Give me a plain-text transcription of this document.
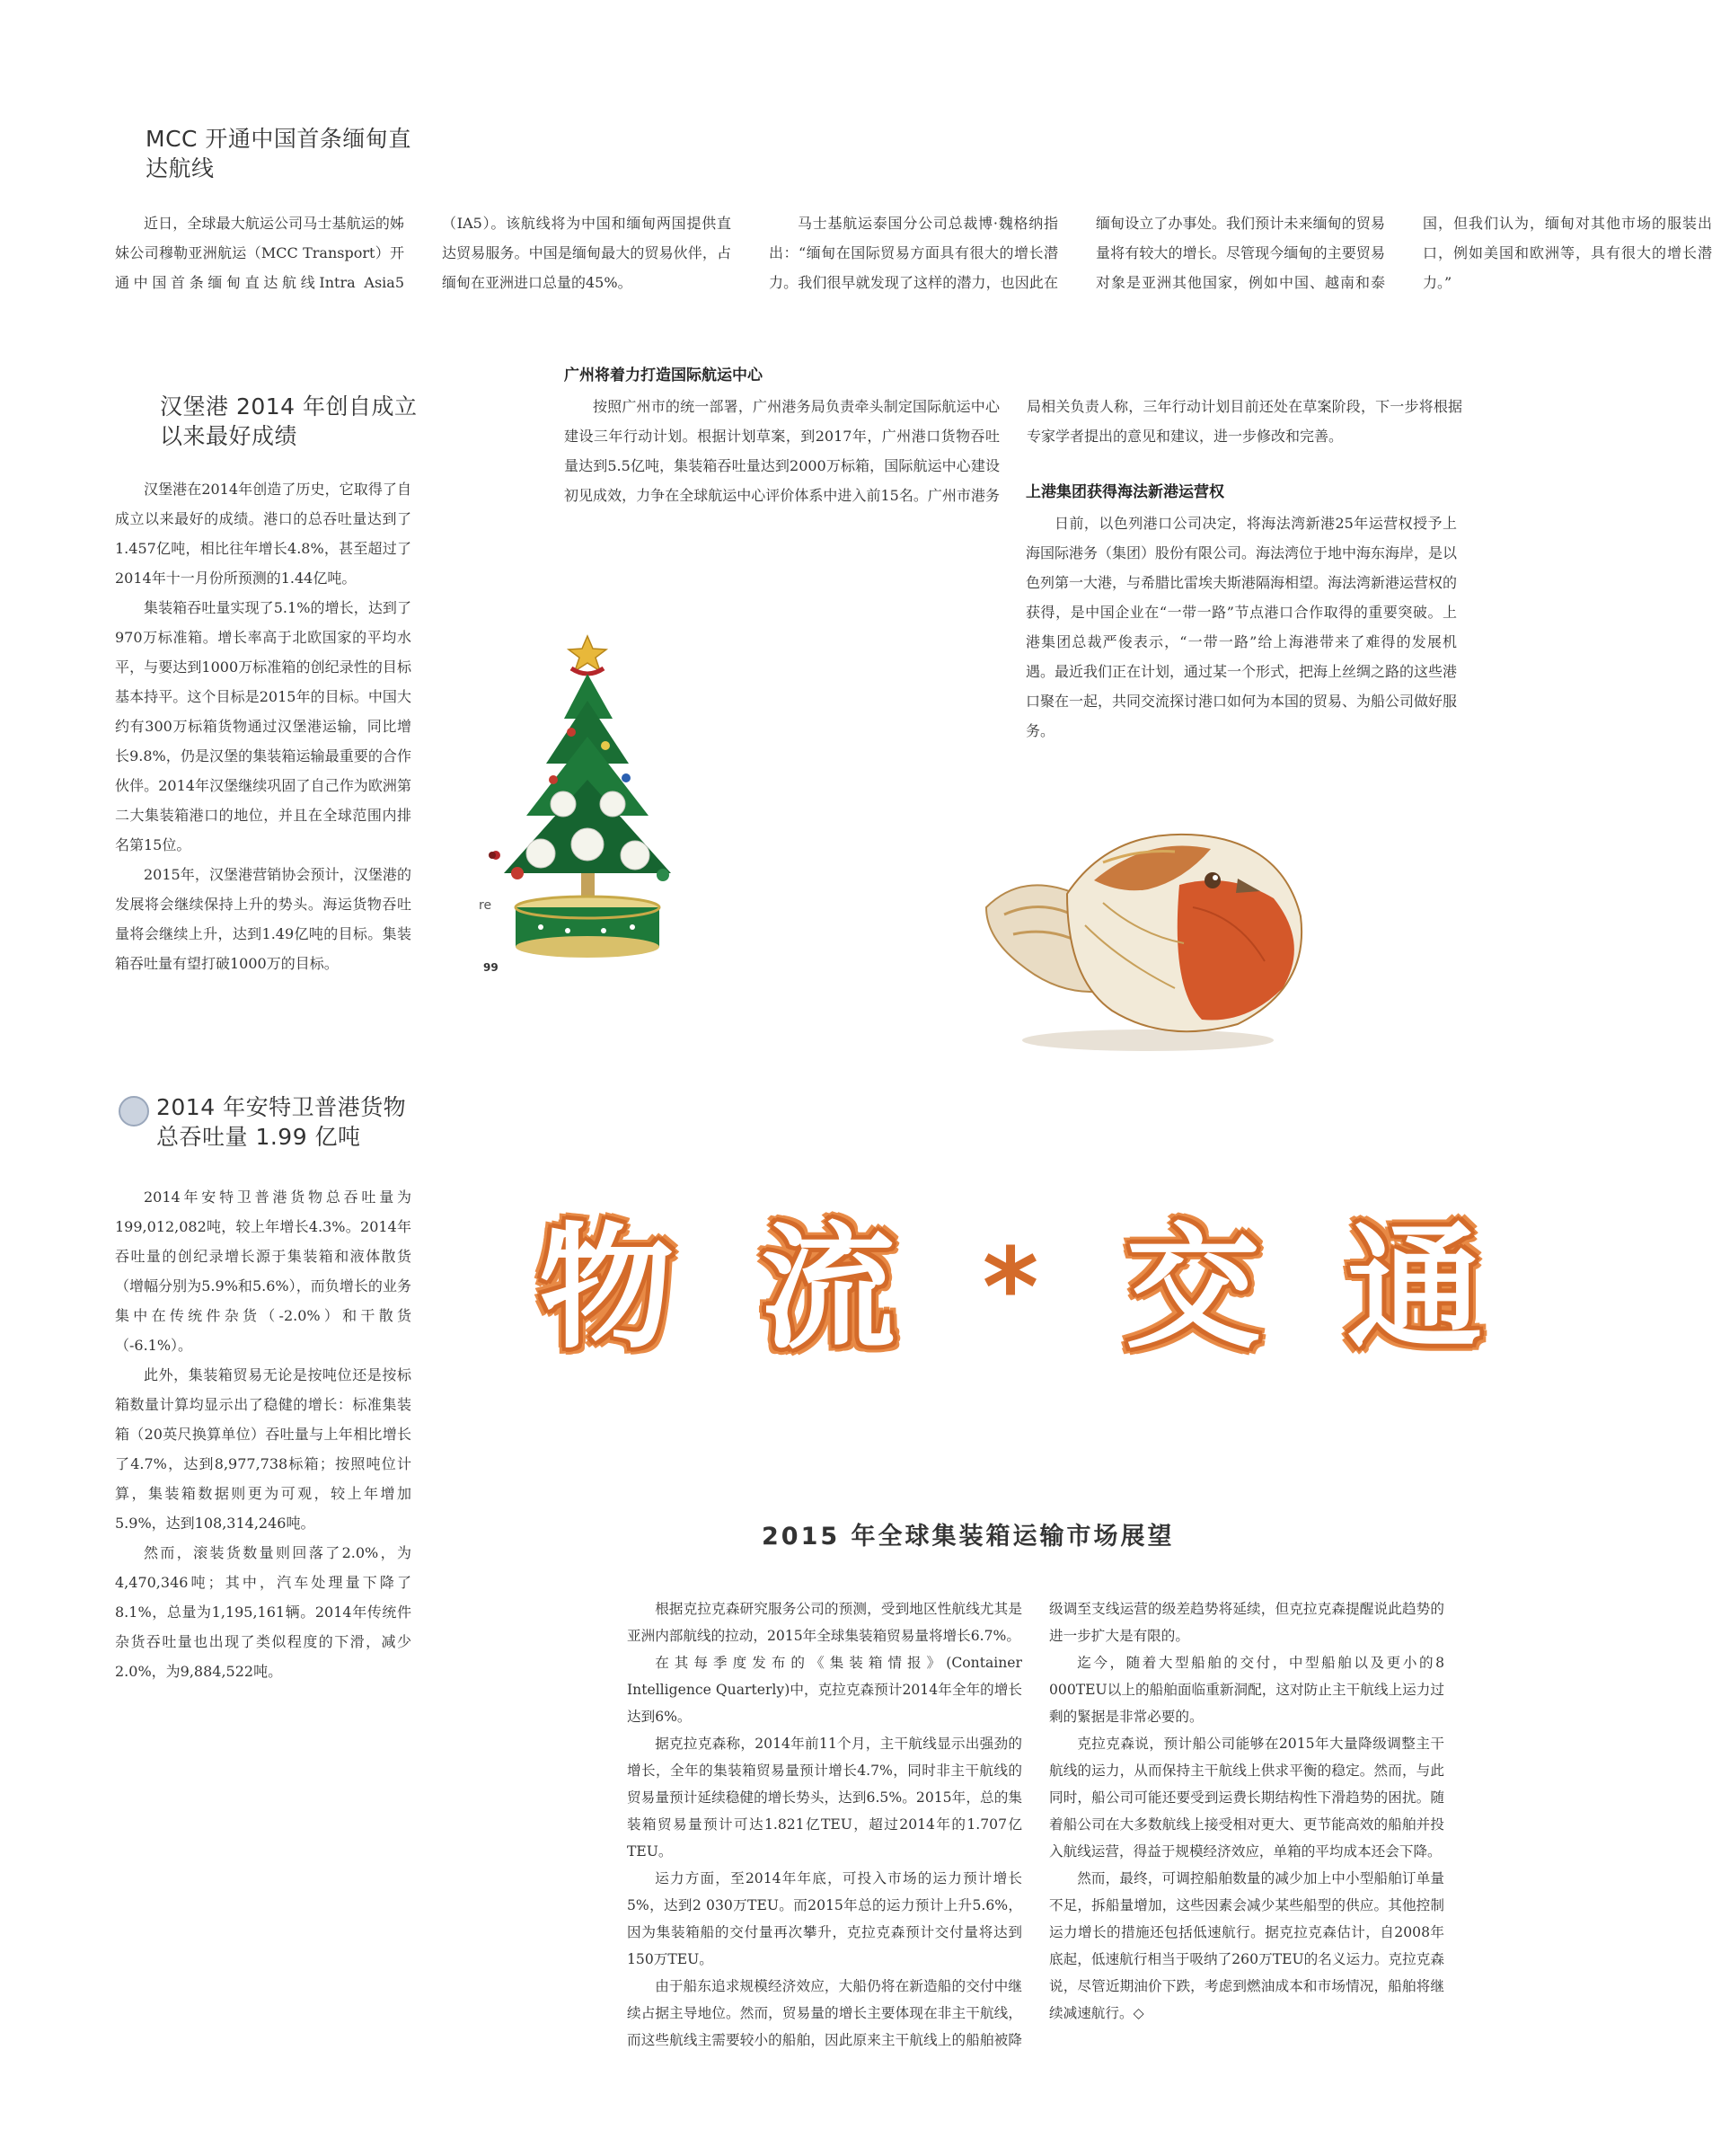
MCC 开通中国首条缅甸直达航线

近日，全球最大航运公司马士基航运的姊妹公司穆勒亚洲航运（MCC Transport）开通中国首条缅甸直达航线Intra Asia5（IA5）。该航线将为中国和缅甸两国提供直达贸易服务。中国是缅甸最大的贸易伙伴，占缅甸在亚洲进口总量的45%。

马士基航运泰国分公司总裁博·魏格纳指出：“缅甸在国际贸易方面具有很大的增长潜力。我们很早就发现了这样的潜力，也因此在缅甸设立了办事处。我们预计未来缅甸的贸易量将有较大的增长。尽管现今缅甸的主要贸易对象是亚洲其他国家，例如中国、越南和泰国，但我们认为，缅甸对其他市场的服装出口，例如美国和欧洲等，具有很大的增长潜力。”

汉堡港 2014 年创自成立以来最好成绩

汉堡港在2014年创造了历史，它取得了自成立以来最好的成绩。港口的总吞吐量达到了1.457亿吨，相比往年增长4.8%，甚至超过了2014年十一月份所预测的1.44亿吨。

集装箱吞吐量实现了5.1%的增长，达到了970万标准箱。增长率高于北欧国家的平均水平，与要达到1000万标准箱的创纪录性的目标基本持平。这个目标是2015年的目标。中国大约有300万标箱货物通过汉堡港运输，同比增长9.8%，仍是汉堡的集装箱运输最重要的合作伙伴。2014年汉堡继续巩固了自己作为欧洲第二大集装箱港口的地位，并且在全球范围内排名第15位。

2015年，汉堡港营销协会预计，汉堡港的发展将会继续保持上升的势头。海运货物吞吐量将会继续上升，达到1.49亿吨的目标。集装箱吞吐量有望打破1000万的目标。

2014 年安特卫普港货物总吞吐量 1.99 亿吨

2014年安特卫普港货物总吞吐量为199,012,082吨，较上年增长4.3%。2014年吞吐量的创纪录增长源于集装箱和液体散货（增幅分别为5.9%和5.6%），而负增长的业务集中在传统件杂货（-2.0%）和干散货（-6.1%）。

此外，集装箱贸易无论是按吨位还是按标箱数量计算均显示出了稳健的增长：标准集装箱（20英尺换算单位）吞吐量与上年相比增长了4.7%，达到8,977,738标箱；按照吨位计算，集装箱数据则更为可观，较上年增加5.9%，达到108,314,246吨。

然而，滚装货数量则回落了2.0%，为4,470,346吨；其中，汽车处理量下降了8.1%，总量为1,195,161辆。2014年传统件杂货吞吐量也出现了类似程度的下滑，减少2.0%，为9,884,522吨。

广州将着力打造国际航运中心

按照广州市的统一部署，广州港务局负责牵头制定国际航运中心建设三年行动计划。根据计划草案，到2017年，广州港口货物吞吐量达到5.5亿吨，集装箱吞吐量达到2000万标箱，国际航运中心建设初见成效，力争在全球航运中心评价体系中进入前15名。广州市港务局相关负责人称，三年行动计划目前还处在草案阶段，下一步将根据专家学者提出的意见和建议，进一步修改和完善。

上港集团获得海法新港运营权

日前，以色列港口公司决定，将海法湾新港25年运营权授予上海国际港务（集团）股份有限公司。海法湾位于地中海东海岸，是以色列第一大港，与希腊比雷埃夫斯港隔海相望。海法湾新港运营权的获得，是中国企业在“一带一路”节点港口合作取得的重要突破。上港集团总裁严俊表示，“一带一路”给上海港带来了难得的发展机遇。最近我们正在计划，通过某一个形式，把海上丝绸之路的这些港口聚在一起，共同交流探讨港口如何为本国的贸易、为船公司做好服务。

re
99
物 流 * 交 通
2015 年全球集装箱运输市场展望

根据克拉克森研究服务公司的预测，受到地区性航线尤其是亚洲内部航线的拉动，2015年全球集装箱贸易量将增长6.7%。

在其每季度发布的《集装箱情报》(Container Intelligence Quarterly)中，克拉克森预计2014年全年的增长达到6%。

据克拉克森称，2014年前11个月，主干航线显示出强劲的增长，全年的集装箱贸易量预计增长4.7%，同时非主干航线的贸易量预计延续稳健的增长势头，达到6.5%。2015年，总的集装箱贸易量预计可达1.821亿TEU，超过2014年的1.707亿TEU。

运力方面，至2014年年底，可投入市场的运力预计增长5%，达到2 030万TEU。而2015年总的运力预计上升5.6%，因为集装箱船的交付量再次攀升，克拉克森预计交付量将达到150万TEU。

由于船东追求规模经济效应，大船仍将在新造船的交付中继续占据主导地位。然而，贸易量的增长主要体现在非主干航线，而这些航线主需要较小的船舶，因此原来主干航线上的船舶被降级调至支线运营的级差趋势将延续，但克拉克森提醒说此趋势的进一步扩大是有限的。

迄今，随着大型船舶的交付，中型船舶以及更小的8 000TEU以上的船舶面临重新洞配，这对防止主干航线上运力过剩的緊据是非常必要的。

克拉克森说，预计船公司能够在2015年大量降级调整主干航线的运力，从而保持主干航线上供求平衡的稳定。然而，与此同时，船公司可能还要受到运费长期结构性下滑趋势的困扰。随着船公司在大多数航线上接受相对更大、更节能高效的船舶并投入航线运营，得益于规模经济效应，单箱的平均成本还会下降。

然而，最终，可调控船舶数量的减少加上中小型船舶订单量不足，拆船量增加，这些因素会减少某些船型的供应。其他控制运力增长的措施还包括低速航行。据克拉克森估计，自2008年底起，低速航行相当于吸纳了260万TEU的名义运力。克拉克森说，尽管近期油价下跌，考虑到燃油成本和市场情况，船舶将继续减速航行。◇
